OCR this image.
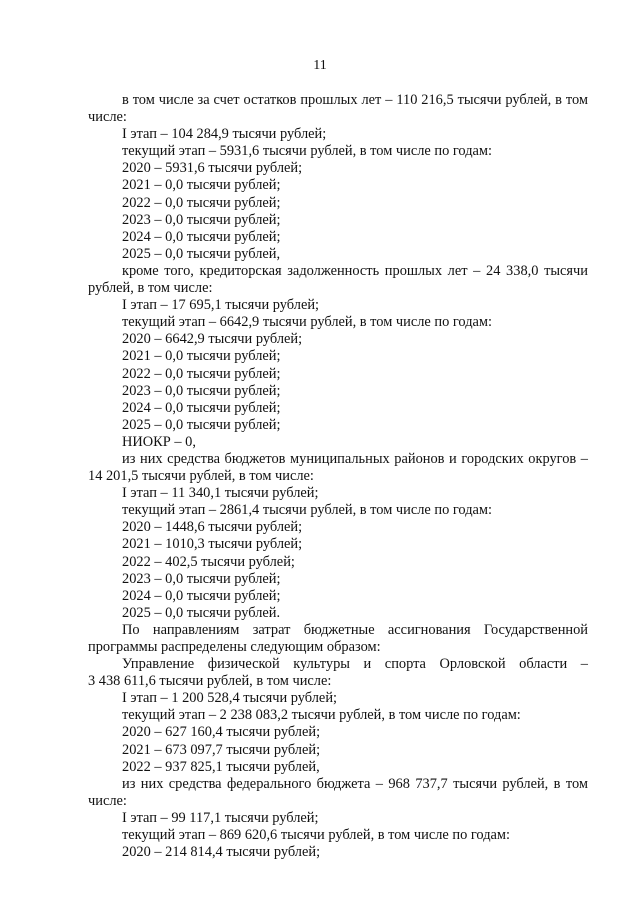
11
в том числе за счет остатков прошлых лет – 110 216,5 тысячи рублей, в том
числе:
I этап – 104 284,9 тысячи рублей;
текущий этап – 5931,6 тысячи рублей, в том числе по годам:
2020 – 5931,6 тысячи рублей;
2021 – 0,0 тысячи рублей;
2022 – 0,0 тысячи рублей;
2023 – 0,0 тысячи рублей;
2024 – 0,0 тысячи рублей;
2025 – 0,0 тысячи рублей,
кроме того, кредиторская задолженность прошлых лет – 24 338,0 тысячи
рублей, в том числе:
I этап – 17 695,1 тысячи рублей;
текущий этап – 6642,9 тысячи рублей, в том числе по годам:
2020 – 6642,9 тысячи рублей;
2021 – 0,0 тысячи рублей;
2022 – 0,0 тысячи рублей;
2023 – 0,0 тысячи рублей;
2024 – 0,0 тысячи рублей;
2025 – 0,0 тысячи рублей;
НИОКР – 0,
из них средства бюджетов муниципальных районов и городских округов –
14 201,5 тысячи рублей, в том числе:
I этап – 11 340,1 тысячи рублей;
текущий этап – 2861,4 тысячи рублей, в том числе по годам:
2020 – 1448,6 тысячи рублей;
2021 – 1010,3 тысячи рублей;
2022 – 402,5 тысячи рублей;
2023 – 0,0 тысячи рублей;
2024 – 0,0 тысячи рублей;
2025 – 0,0 тысячи рублей.
По направлениям затрат бюджетные ассигнования Государственной
программы распределены следующим образом:
Управление физической культуры и спорта Орловской области –
3 438 611,6 тысячи рублей, в том числе:
I этап – 1 200 528,4 тысячи рублей;
текущий этап – 2 238 083,2 тысячи рублей, в том числе по годам:
2020 – 627 160,4 тысячи рублей;
2021 – 673 097,7 тысячи рублей;
2022 – 937 825,1 тысячи рублей,
из них средства федерального бюджета – 968 737,7 тысячи рублей, в том
числе:
I этап – 99 117,1 тысячи рублей;
текущий этап – 869 620,6 тысячи рублей, в том числе по годам:
2020 – 214 814,4 тысячи рублей;
